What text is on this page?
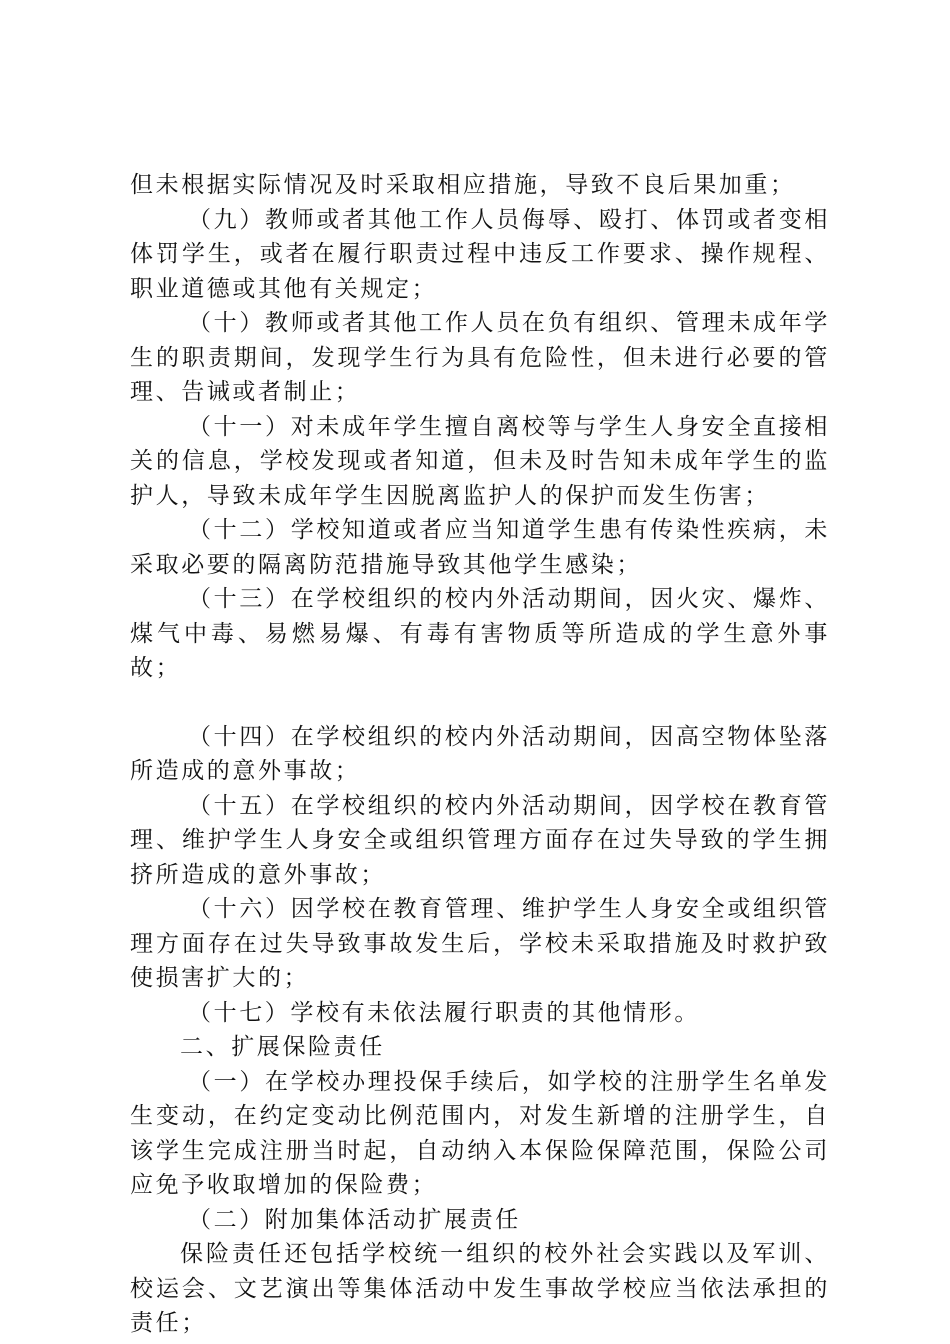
但未根据实际情况及时采取相应措施，导致不良后果加重；

（九）教师或者其他工作人员侮辱、殴打、体罚或者变相体罚学生，或者在履行职责过程中违反工作要求、操作规程、职业道德或其他有关规定；

（十）教师或者其他工作人员在负有组织、管理未成年学生的职责期间，发现学生行为具有危险性，但未进行必要的管理、告诫或者制止；

（十一）对未成年学生擅自离校等与学生人身安全直接相关的信息，学校发现或者知道，但未及时告知未成年学生的监护人，导致未成年学生因脱离监护人的保护而发生伤害；

（十二）学校知道或者应当知道学生患有传染性疾病，未采取必要的隔离防范措施导致其他学生感染；

（十三）在学校组织的校内外活动期间，因火灾、爆炸、煤气中毒、易燃易爆、有毒有害物质等所造成的学生意外事故；

（十四）在学校组织的校内外活动期间，因高空物体坠落所造成的意外事故；

（十五）在学校组织的校内外活动期间，因学校在教育管理、维护学生人身安全或组织管理方面存在过失导致的学生拥挤所造成的意外事故；

（十六）因学校在教育管理、维护学生人身安全或组织管理方面存在过失导致事故发生后，学校未采取措施及时救护致使损害扩大的；

（十七）学校有未依法履行职责的其他情形。

二、扩展保险责任

（一）在学校办理投保手续后，如学校的注册学生名单发生变动，在约定变动比例范围内，对发生新增的注册学生，自该学生完成注册当时起，自动纳入本保险保障范围，保险公司应免予收取增加的保险费；

（二）附加集体活动扩展责任

保险责任还包括学校统一组织的校外社会实践以及军训、校运会、文艺演出等集体活动中发生事故学校应当依法承担的责任；
